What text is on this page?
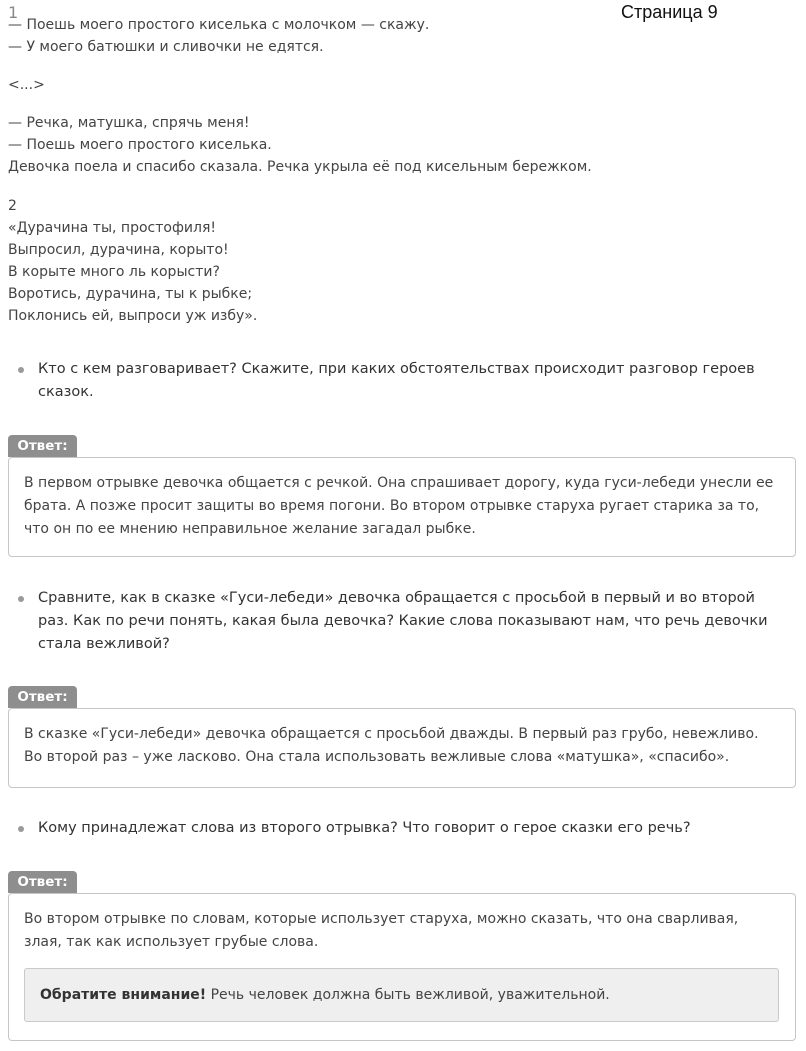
Страница 9
1
— Поешь моего простого киселька с молочком — скажу.
— У моего батюшки и сливочки не едятся.
<...>
— Речка, матушка, спрячь меня!
— Поешь моего простого киселька.
Девочка поела и спасибо сказала. Речка укрыла её под кисельным бережком.
2
«Дурачина ты, простофиля!
Выпросил, дурачина, корыто!
В корыте много ль корысти?
Воротись, дурачина, ты к рыбке;
Поклонись ей, выпроси уж избу».
Кто с кем разговаривает? Скажите, при каких обстоятельствах происходит разговор героев сказок.
Ответ:
В первом отрывке девочка общается с речкой. Она спрашивает дорогу, куда гуси-лебеди унесли ее брата. А позже просит защиты во время погони. Во втором отрывке старуха ругает старика за то, что он по ее мнению неправильное желание загадал рыбке.
Сравните, как в сказке «Гуси-лебеди» девочка обращается с просьбой в первый и во второй раз. Как по речи понять, какая была девочка? Какие слова показывают нам, что речь девочки стала вежливой?
Ответ:
В сказке «Гуси-лебеди» девочка обращается с просьбой дважды. В первый раз грубо, невежливо. Во второй раз – уже ласково. Она стала использовать вежливые слова «матушка», «спасибо».
Кому принадлежат слова из второго отрывка? Что говорит о герое сказки его речь?
Ответ:
Во втором отрывке по словам, которые использует старуха, можно сказать, что она сварливая, злая, так как использует грубые слова.
Обратите внимание! Речь человек должна быть вежливой, уважительной.
